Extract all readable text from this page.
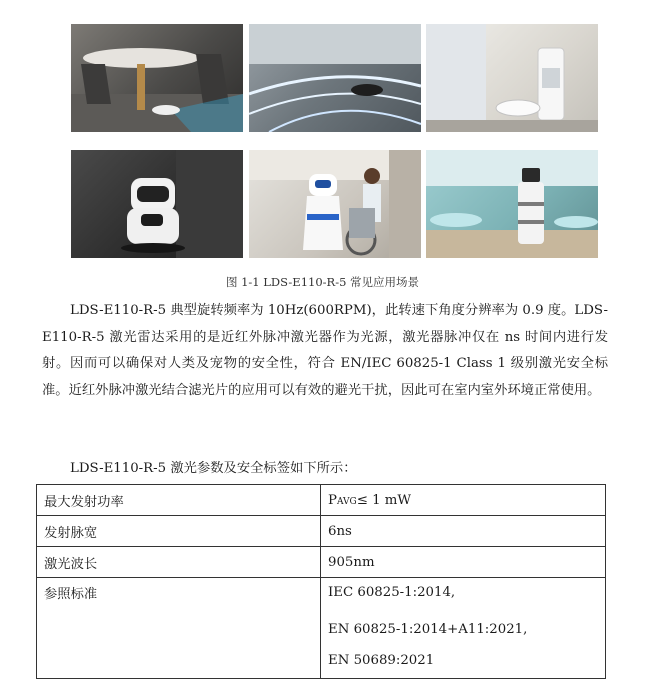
图 1-1 LDS-E110-R-5 常见应用场景
LDS-E110-R-5 典型旋转频率为 10Hz(600RPM)，此转速下角度分辨率为 0.9 度。LDS-E110-R-5 激光雷达采用的是近红外脉冲激光器作为光源，激光器脉冲仅在 ns 时间内进行发射。因而可以确保对人类及宠物的安全性，符合 EN/IEC 60825-1 Class 1 级别激光安全标准。近红外脉冲激光结合滤光片的应用可以有效的避光干扰，因此可在室内室外环境正常使用。
LDS-E110-R-5 激光参数及安全标签如下所示：
最大发射功率	PAVG≤ 1 mW
发射脉宽	6ns
激光波长	905nm
参照标准	IEC 60825-1:2014,
EN 60825-1:2014+A11:2021,
EN 50689:2021
